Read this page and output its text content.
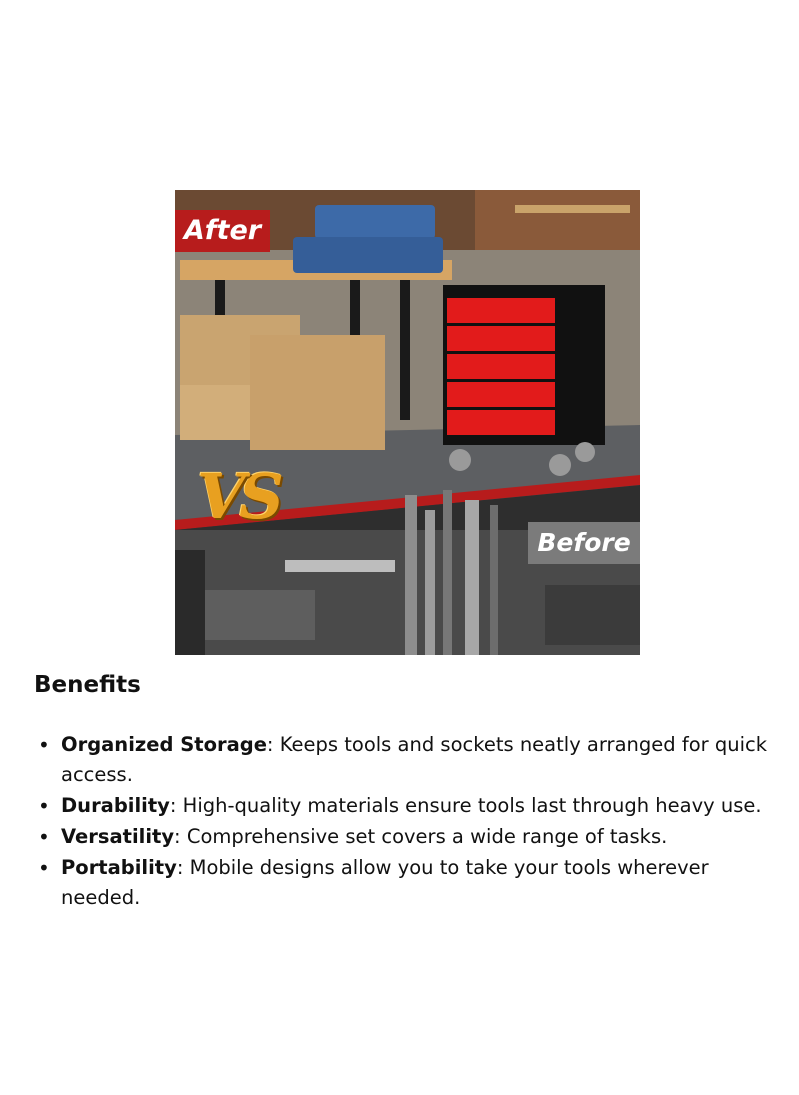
After
VS
Before
Benefits
• Organized Storage: Keeps tools and sockets neatly arranged for quick access.
• Durability: High-quality materials ensure tools last through heavy use.
• Versatility: Comprehensive set covers a wide range of tasks.
• Portability: Mobile designs allow you to take your tools wherever needed.
